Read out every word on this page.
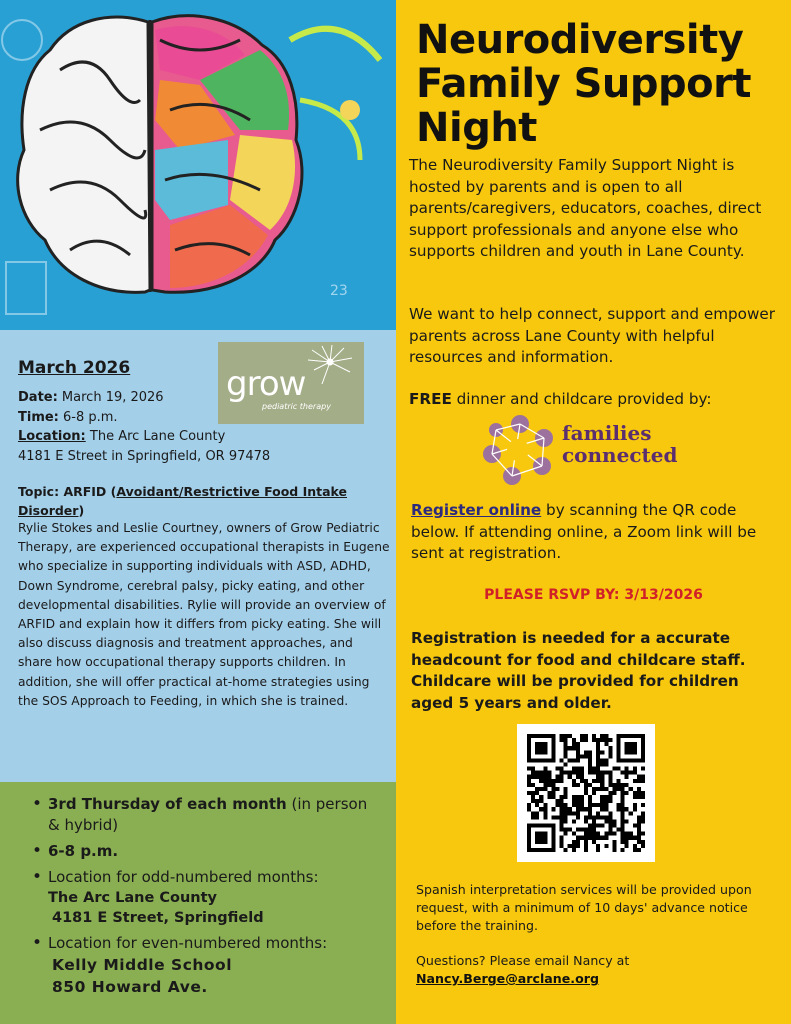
23
March 2026	grow
pediatric therapy
Date: March 19, 2026
Time: 6-8 p.m.
Location: The Arc Lane County
4181 E Street in Springfield, OR 97478
Topic: ARFID (Avoidant/Restrictive Food Intake Disorder)
Rylie Stokes and Leslie Courtney, owners of Grow Pediatric Therapy, are experienced occupational therapists in Eugene who specialize in supporting individuals with ASD, ADHD, Down Syndrome, cerebral palsy, picky eating, and other developmental disabilities. Rylie will provide an overview of ARFID and explain how it differs from picky eating. She will also discuss diagnosis and treatment approaches, and share how occupational therapy supports children. In addition, she will offer practical at-home strategies using the SOS Approach to Feeding, in which she is trained.
• 3rd Thursday of each month (in person & hybrid)
• 6-8 p.m.
• Location for odd-numbered months:
The Arc Lane County
4181 E Street, Springfield
• Location for even-numbered months:
Kelly Middle School
850 Howard Ave.
Neurodiversity
Family Support
Night
The Neurodiversity Family Support Night is hosted by parents and is open to all parents/caregivers, educators, coaches, direct support professionals and anyone else who supports children and youth in Lane County.
We want to help connect, support and empower parents across Lane County with helpful resources and information.
FREE dinner and childcare provided by:
families
connected
Register online by scanning the QR code below. If attending online, a Zoom link will be sent at registration.
PLEASE RSVP BY: 3/13/2026
Registration is needed for a accurate headcount for food and childcare staff. Childcare will be provided for children aged 5 years and older.
Spanish interpretation services will be provided upon request, with a minimum of 10 days' advance notice before the training.
Questions? Please email Nancy at
Nancy.Berge@arclane.org
